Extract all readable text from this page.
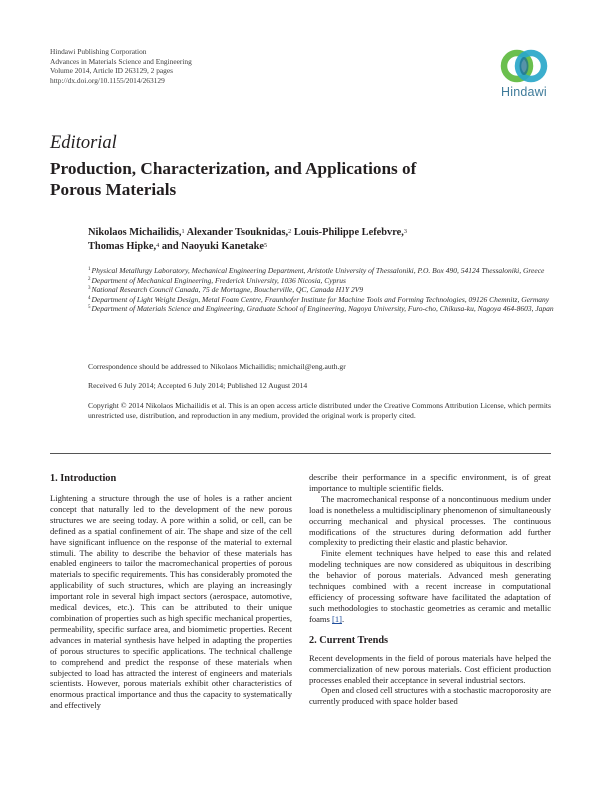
Hindawi Publishing Corporation
Advances in Materials Science and Engineering
Volume 2014, Article ID 263129, 2 pages
http://dx.doi.org/10.1155/2014/263129
Hindawi
Editorial
Production, Characterization, and Applications of
Porous Materials
Nikolaos Michailidis,$^1$ Alexander Tsouknidas,$^2$ Louis-Philippe Lefebvre,$^3$
Thomas Hipke,$^4$ and Naoyuki Kanetake$^5$
$^1$Physical Metallurgy Laboratory, Mechanical Engineering Department, Aristotle University of Thessaloniki, P.O. Box 490, 54124 Thessaloniki, Greece
$^2$Department of Mechanical Engineering, Frederick University, 1036 Nicosia, Cyprus
$^3$National Research Council Canada, 75 de Mortagne, Boucherville, QC, Canada H1Y 2V9
$^4$Department of Light Weight Design, Metal Foam Centre, Fraunhofer Institute for Machine Tools and Forming Technologies, 09126 Chemnitz, Germany
$^5$Department of Materials Science and Engineering, Graduate School of Engineering, Nagoya University, Furo-cho, Chikusa-ku, Nagoya 464-8603, Japan
Correspondence should be addressed to Nikolaos Michailidis; nmichail@eng.auth.gr
Received 6 July 2014; Accepted 6 July 2014; Published 12 August 2014
Copyright © 2014 Nikolaos Michailidis et al. This is an open access article distributed under the Creative Commons Attribution License, which permits unrestricted use, distribution, and reproduction in any medium, provided the original work is properly cited.
1. Introduction

Lightening a structure through the use of holes is a rather ancient concept that naturally led to the development of the new porous structures we are seeing today. A pore within a solid, or cell, can be defined as a spatial confinement of air. The shape and size of the cell have significant influence on the response of the material to external stimuli. The ability to describe the behavior of these materials has enabled engineers to tailor the macromechanical properties of porous materials to specific requirements. This has considerably promoted the applicability of such structures, which are playing an increasingly important role in several high impact sectors (aerospace, automotive, medical devices, etc.). This can be attributed to their unique combination of properties such as high specific mechanical properties, permeability, specific surface area, and biomimetic properties. Recent advances in material synthesis have helped in adapting the properties of porous structures to specific applications. The technical challenge to comprehend and predict the response of these materials when subjected to load has attracted the interest of engineers and materials scientists. However, porous materials exhibit other characteristics of enormous practical importance and thus the capacity to systematically and effectively

describe their performance in a specific environment, is of great importance to multiple scientific fields.

The macromechanical response of a noncontinuous medium under load is nonetheless a multidisciplinary phenomenon of simultaneously occurring mechanical and physical processes. The continuous modifications of the structures during deformation add further complexity to predicting their elastic and plastic behavior.

Finite element techniques have helped to ease this and related modeling techniques are now considered as ubiquitous in describing the behavior of porous materials. Advanced mesh generating techniques combined with a recent increase in computational efficiency of processing software have facilitated the adaptation of such methodologies to stochastic geometries as ceramic and metallic foams [1].

2. Current Trends

Recent developments in the field of porous materials have helped the commercialization of new porous materials. Cost efficient production processes enabled their acceptance in several industrial sectors.

Open and closed cell structures with a stochastic macroporosity are currently produced with space holder based
